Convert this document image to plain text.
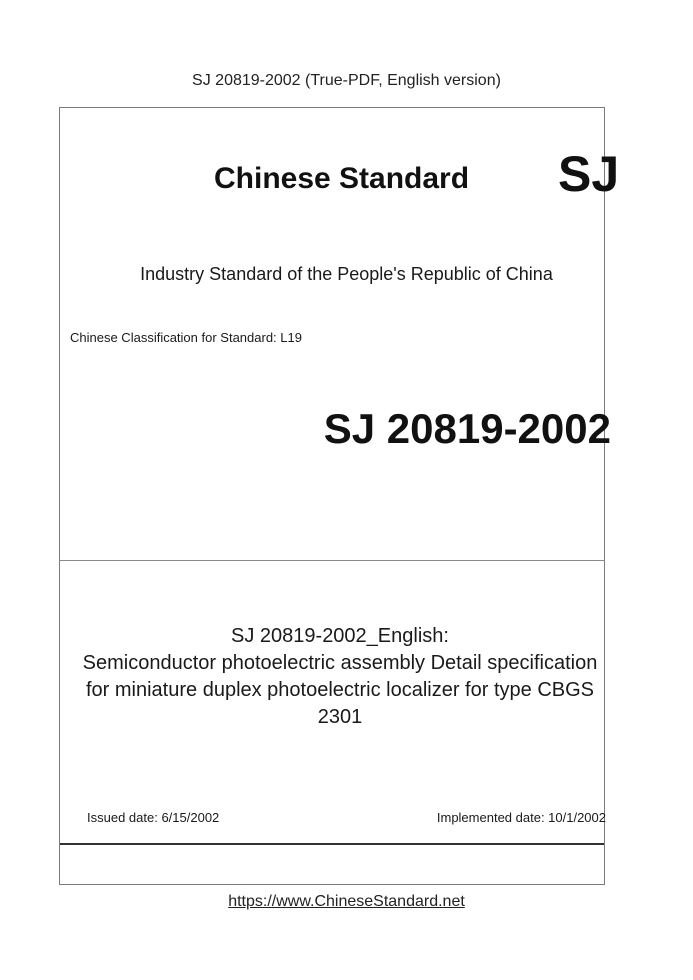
SJ 20819-2002 (True-PDF, English version)
Chinese Standard SJ
Industry Standard of the People's Republic of China
Chinese Classification for Standard: L19
SJ 20819-2002
SJ 20819-2002_English:
Semiconductor photoelectric assembly Detail specification
for miniature duplex photoelectric localizer for type CBGS
2301
Issued date: 6/15/2002	Implemented date: 10/1/2002
https://www.ChineseStandard.net
